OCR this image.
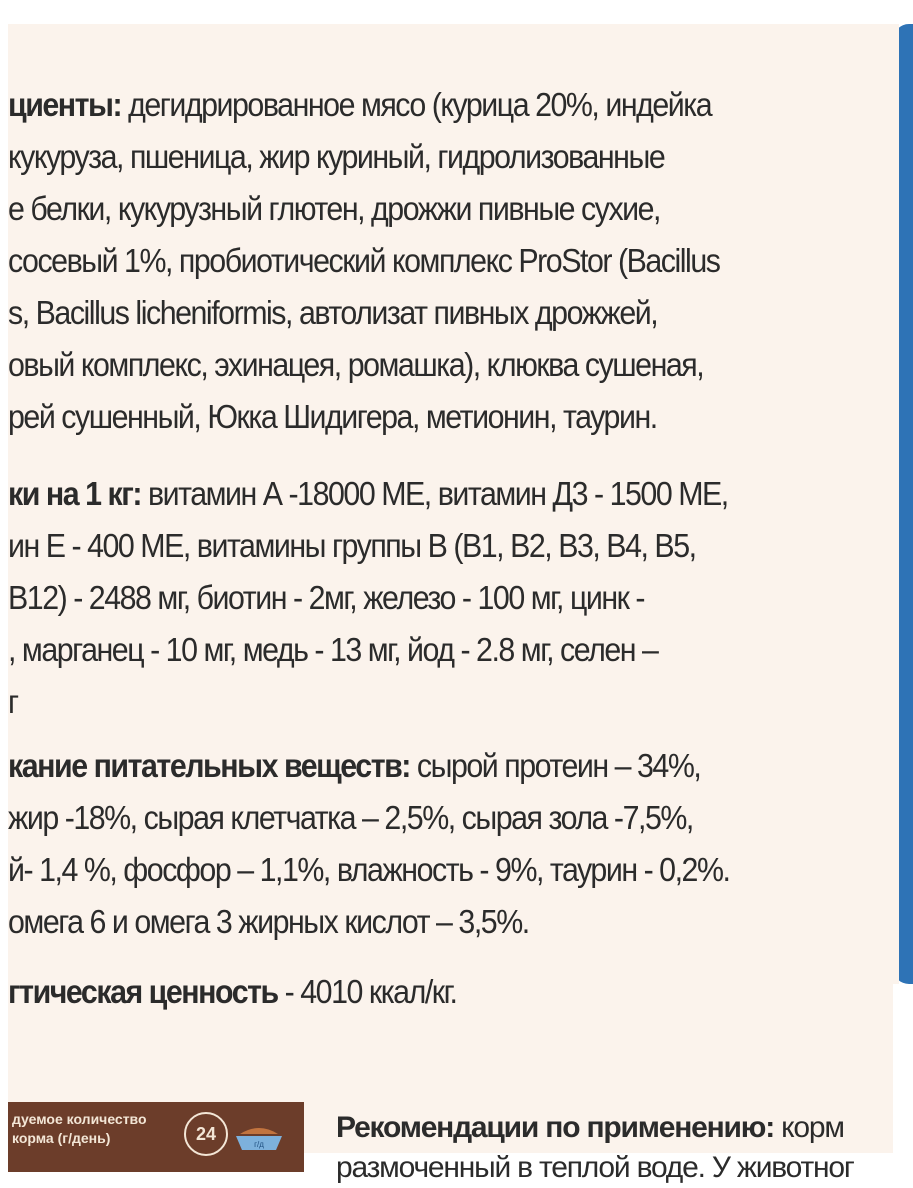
циенты: дегидрированное мясо (курица 20%, индейка
кукуруза, пшеница, жир куриный, гидролизованные
е белки, кукурузный глютен, дрожжи пивные сухие,
сосевый 1%, пробиотический комплекс ProStor (Bacillus
s, Bacillus licheniformis, автолизат пивных дрожжей,
овый комплекс, эхинацея, ромашка), клюква сушеная,
рей сушенный, Юкка Шидигера, метионин, таурин.
ки на 1 кг: витамин А -18000 МЕ, витамин Д3 - 1500 МЕ,
ин Е - 400 МЕ, витамины группы В (В1, В2, В3, В4, В5,
В12) - 2488 мг, биотин - 2мг, железо - 100 мг, цинк -
, марганец - 10 мг, медь - 13 мг, йод - 2.8 мг, селен –
г
кание питательных веществ: сырой протеин – 34%,
жир -18%, сырая клетчатка – 2,5%, сырая зола -7,5%,
й- 1,4 %, фосфор – 1,1%, влажность - 9%, таурин - 0,2%.
омега 6 и омега 3 жирных кислот – 3,5%.
гтическая ценность - 4010 ккал/кг.
дуемое количество
корма (г/день)	24
г/д
Рекомендации по применению: корм
размоченный в теплой воде. У животног
